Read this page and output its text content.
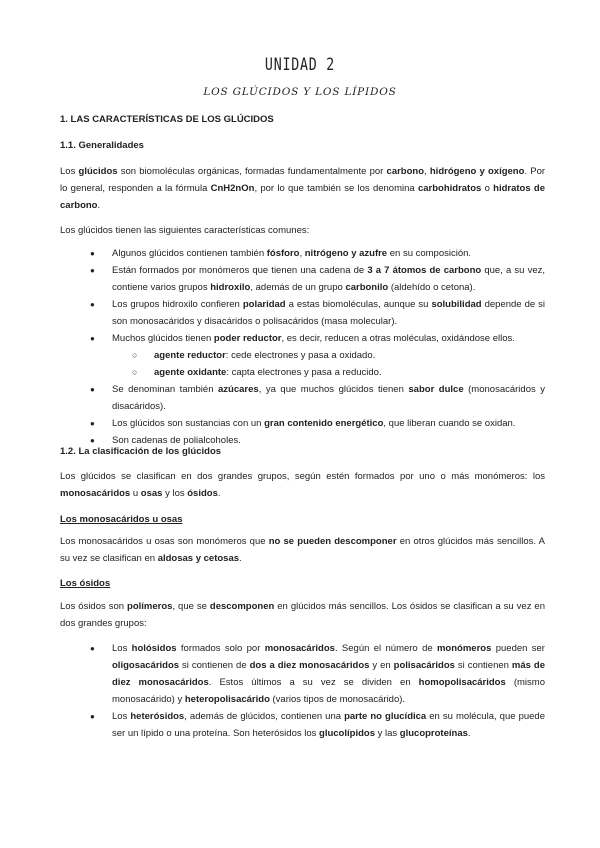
UNIDAD 2
LOS GLÚCIDOS Y LOS LÍPIDOS
1. LAS CARACTERÍSTICAS DE LOS GLÚCIDOS
1.1. Generalidades

Los glúcidos son biomoléculas orgánicas, formadas fundamentalmente por carbono, hidrógeno y oxígeno. Por lo general, responden a la fórmula CnH2nOn, por lo que también se los denomina carbohidratos o hidratos de carbono.

Los glúcidos tienen las siguientes características comunes:

● Algunos glúcidos contienen también fósforo, nitrógeno y azufre en su composición.
● Están formados por monómeros que tienen una cadena de 3 a 7 átomos de carbono que, a su vez, contiene varios grupos hidroxilo, además de un grupo carbonilo (aldehído o cetona).
● Los grupos hidroxilo confieren polaridad a estas biomoléculas, aunque su solubilidad depende de si son monosacáridos y disacáridos o polisacáridos (masa molecular).
● Muchos glúcidos tienen poder reductor, es decir, reducen a otras moléculas, oxidándose ellos.
○ agente reductor: cede electrones y pasa a oxidado.
○ agente oxidante: capta electrones y pasa a reducido.
● Se denominan también azúcares, ya que muchos glúcidos tienen sabor dulce (monosacáridos y disacáridos).
● Los glúcidos son sustancias con un gran contenido energético, que liberan cuando se oxidan.
● Son cadenas de polialcoholes.
1.2. La clasificación de los glúcidos

Los glúcidos se clasifican en dos grandes grupos, según estén formados por uno o más monómeros: los monosacáridos u osas y los ósidos.

Los monosacáridos u osas

Los monosacáridos u osas son monómeros que no se pueden descomponer en otros glúcidos más sencillos. A su vez se clasifican en aldosas y cetosas.

Los ósidos

Los ósidos son polímeros, que se descomponen en glúcidos más sencillos. Los ósidos se clasifican a su vez en dos grandes grupos:

● Los holósidos formados solo por monosacáridos. Según el número de monómeros pueden ser oligosacáridos si contienen de dos a diez monosacáridos y en polisacáridos si contienen más de diez monosacáridos. Estos últimos a su vez se dividen en homopolisacáridos (mismo monosacárido) y heteropolisacárido (varios tipos de monosacárido).
● Los heterósidos, además de glúcidos, contienen una parte no glucídica en su molécula, que puede ser un lípido o una proteína. Son heterósidos los glucolípidos y las glucoproteínas.
